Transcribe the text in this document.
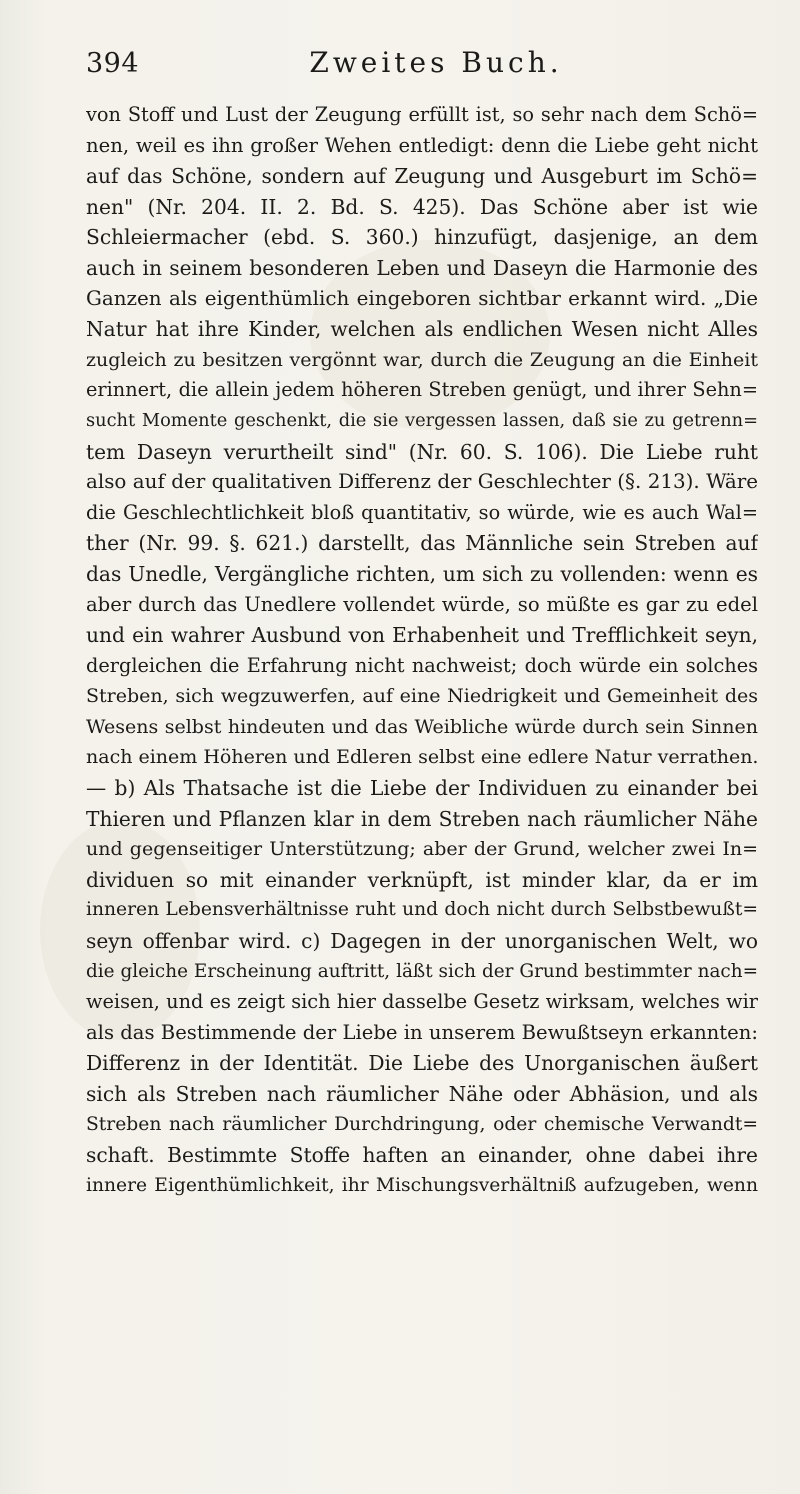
394	Zweites Buch.
von Stoff und Lust der Zeugung erfüllt ist, so sehr nach dem Schö=
nen, weil es ihn großer Wehen entledigt: denn die Liebe geht nicht
auf das Schöne, sondern auf Zeugung und Ausgeburt im Schö=
nen" (Nr. 204. II. 2. Bd. S. 425). Das Schöne aber ist wie
Schleiermacher (ebd. S. 360.) hinzufügt, dasjenige, an dem
auch in seinem besonderen Leben und Daseyn die Harmonie des
Ganzen als eigenthümlich eingeboren sichtbar erkannt wird. „Die
Natur hat ihre Kinder, welchen als endlichen Wesen nicht Alles
zugleich zu besitzen vergönnt war, durch die Zeugung an die Einheit
erinnert, die allein jedem höheren Streben genügt, und ihrer Sehn=
sucht Momente geschenkt, die sie vergessen lassen, daß sie zu getrenn=
tem Daseyn verurtheilt sind" (Nr. 60. S. 106). Die Liebe ruht
also auf der qualitativen Differenz der Geschlechter (§. 213). Wäre
die Geschlechtlichkeit bloß quantitativ, so würde, wie es auch Wal=
ther (Nr. 99. §. 621.) darstellt, das Männliche sein Streben auf
das Unedle, Vergängliche richten, um sich zu vollenden: wenn es
aber durch das Unedlere vollendet würde, so müßte es gar zu edel
und ein wahrer Ausbund von Erhabenheit und Trefflichkeit seyn,
dergleichen die Erfahrung nicht nachweist; doch würde ein solches
Streben, sich wegzuwerfen, auf eine Niedrigkeit und Gemeinheit des
Wesens selbst hindeuten und das Weibliche würde durch sein Sinnen
nach einem Höheren und Edleren selbst eine edlere Natur verrathen.
— b) Als Thatsache ist die Liebe der Individuen zu einander bei
Thieren und Pflanzen klar in dem Streben nach räumlicher Nähe
und gegenseitiger Unterstützung; aber der Grund, welcher zwei In=
dividuen so mit einander verknüpft, ist minder klar, da er im
inneren Lebensverhältnisse ruht und doch nicht durch Selbstbewußt=
seyn offenbar wird. c) Dagegen in der unorganischen Welt, wo
die gleiche Erscheinung auftritt, läßt sich der Grund bestimmter nach=
weisen, und es zeigt sich hier dasselbe Gesetz wirksam, welches wir
als das Bestimmende der Liebe in unserem Bewußtseyn erkannten:
Differenz in der Identität. Die Liebe des Unorganischen äußert
sich als Streben nach räumlicher Nähe oder Abhäsion, und als
Streben nach räumlicher Durchdringung, oder chemische Verwandt=
schaft. Bestimmte Stoffe haften an einander, ohne dabei ihre
innere Eigenthümlichkeit, ihr Mischungsverhältniß aufzugeben, wenn
